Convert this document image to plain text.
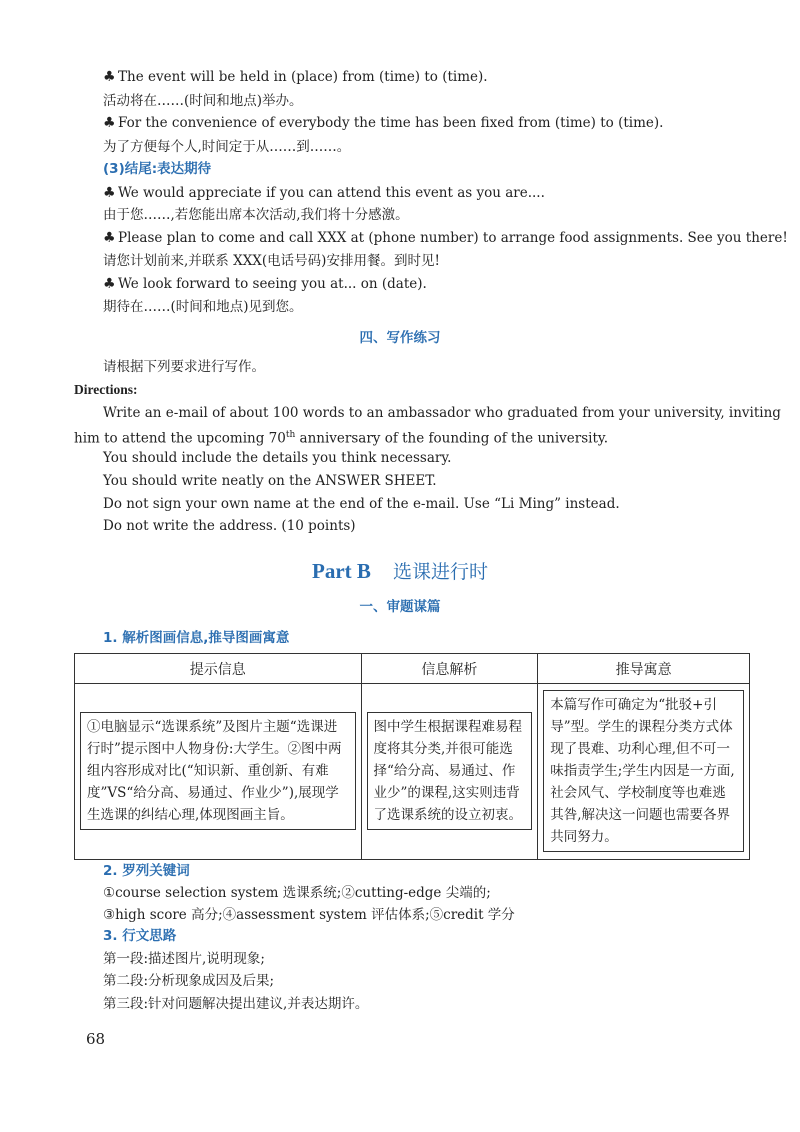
♣ The event will be held in (place) from (time) to (time).
活动将在……(时间和地点)举办。
♣ For the convenience of everybody the time has been fixed from (time) to (time).
为了方便每个人,时间定于从……到……。
(3)结尾:表达期待
♣ We would appreciate if you can attend this event as you are....
由于您……,若您能出席本次活动,我们将十分感激。
♣ Please plan to come and call XXX at (phone number) to arrange food assignments. See you there!
请您计划前来,并联系 XXX(电话号码)安排用餐。到时见!
♣ We look forward to seeing you at... on (date).
期待在……(时间和地点)见到您。
四、写作练习
请根据下列要求进行写作。
Directions:
Write an e-mail of about 100 words to an ambassador who graduated from your university, inviting
him to attend the upcoming 70th anniversary of the founding of the university.
You should include the details you think necessary.
You should write neatly on the ANSWER SHEET.
Do not sign your own name at the end of the e-mail. Use “Li Ming” instead.
Do not write the address. (10 points)
Part B 选课进行时
一、审题谋篇
1. 解析图画信息,推导图画寓意
提示信息	信息解析	推导寓意

①电脑显示“选课系统”及图片主题“选课进行时”提示图中人物身份:大学生。②图中两组内容形成对比(“知识新、重创新、有难度”VS“给分高、易通过、作业少”),展现学生选课的纠结心理,体现图画主旨。	图中学生根据课程难易程度将其分类,并很可能选择“给分高、易通过、作业少”的课程,这实则违背了选课系统的设立初衷。	本篇写作可确定为“批驳+引导”型。学生的课程分类方式体现了畏难、功利心理,但不可一味指责学生;学生内因是一方面,社会风气、学校制度等也难逃其咎,解决这一问题也需要各界共同努力。
2. 罗列关键词
①course selection system 选课系统;②cutting-edge 尖端的;
③high score 高分;④assessment system 评估体系;⑤credit 学分
3. 行文思路
第一段:描述图片,说明现象;
第二段:分析现象成因及后果;
第三段:针对问题解决提出建议,并表达期许。
68
